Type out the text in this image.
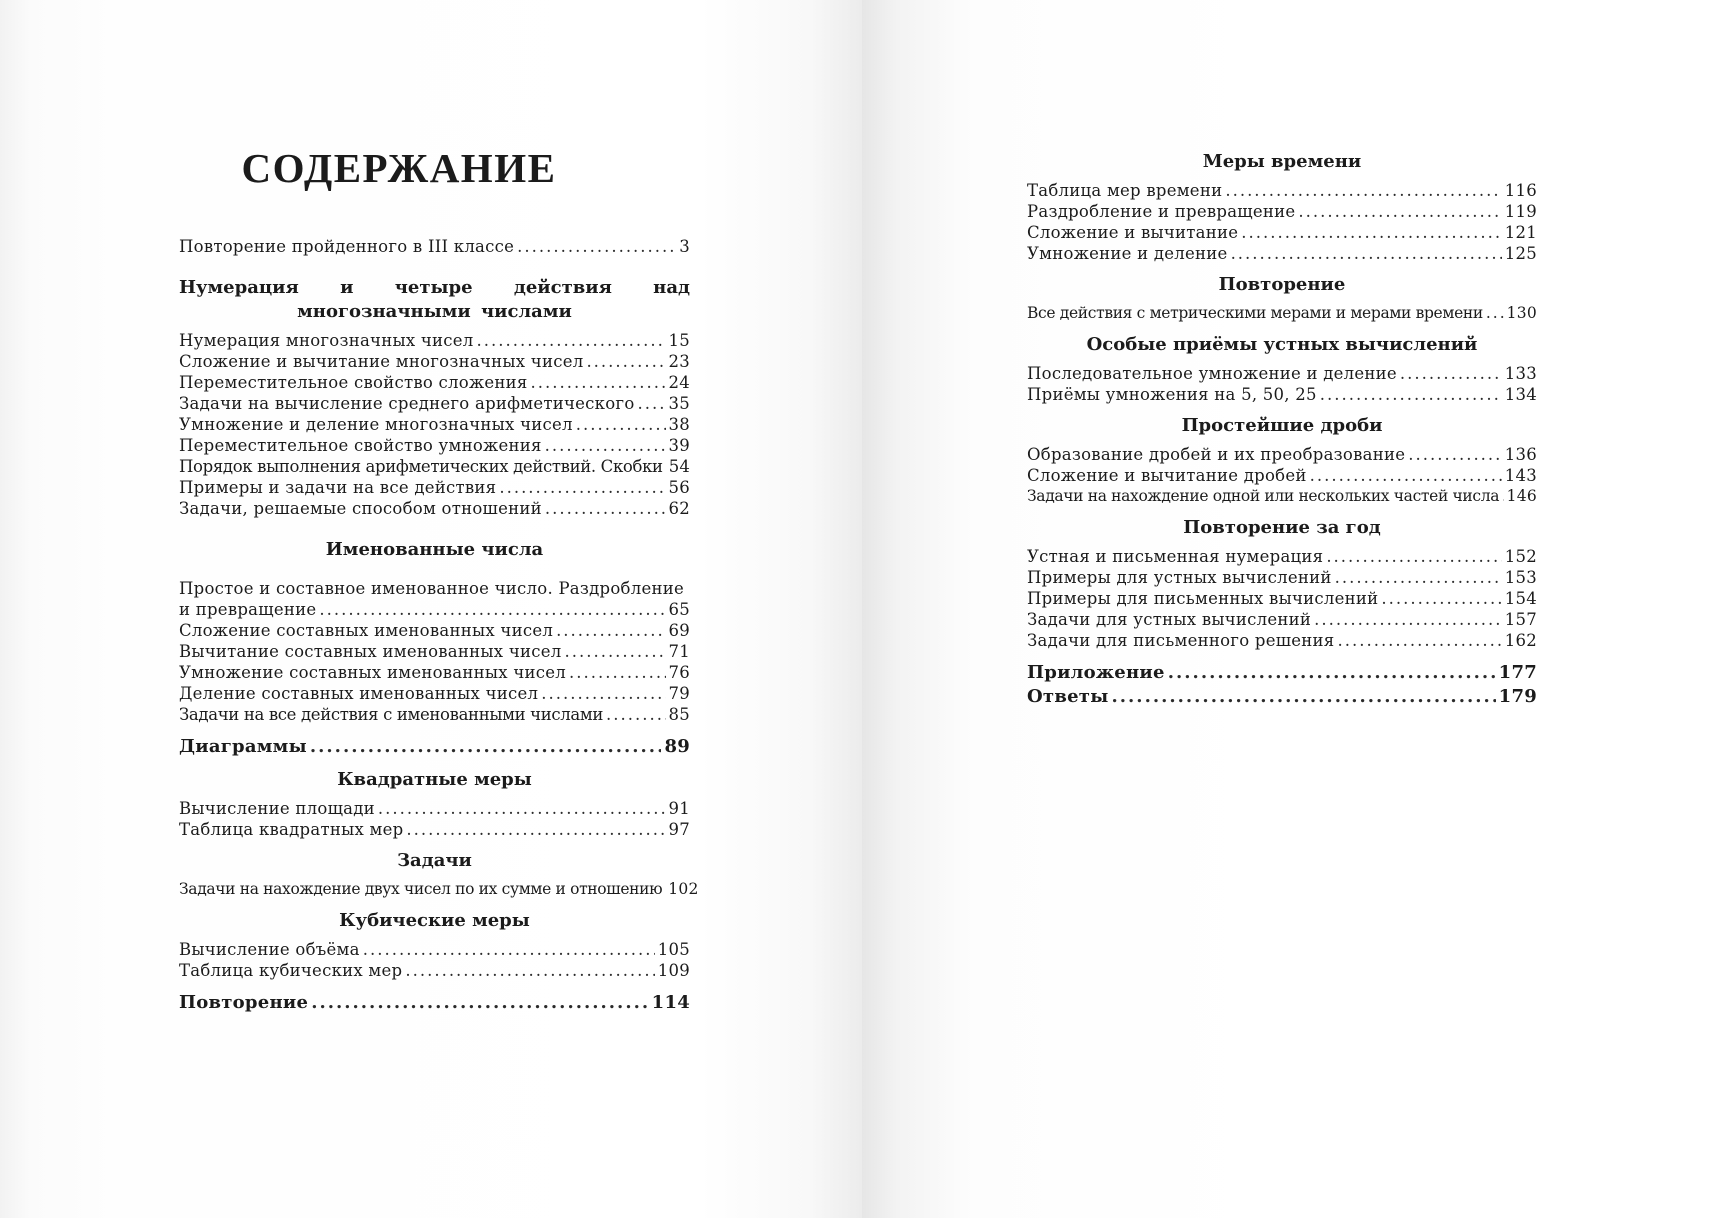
СОДЕРЖАНИЕ
Повторение пройденного в III классе .....	3
Нумерация и четыре действия над многозначными числами
Нумерация многозначных чисел .....	15
Сложение и вычитание многозначных чисел .....	23
Переместительное свойство сложения .....	24
Задачи на вычисление среднего арифметического ..... 35
Умножение и деление многозначных чисел .....	38
Переместительное свойство умножения .....	39
Порядок выполнения арифметических действий. Скобки 54
Примеры и задачи на все действия .....	56
Задачи, решаемые способом отношений .....	62
Именованные числа
Простое и составное именованное число. Раздробление
и превращение .....	65
Сложение составных именованных чисел .....	69
Вычитание составных именованных чисел .....	71
Умножение составных именованных чисел .....	76
Деление составных именованных чисел .....	79
Задачи на все действия с именованными числами .....	85
Диаграммы .....	89
Квадратные меры
Вычисление площади .....	91
Таблица квадратных мер .....	97
Задачи
Задачи на нахождение двух чисел по их сумме и отношению 102
Кубические меры
Вычисление объёма .....	105
Таблица кубических мер .....	109
Повторение .....	114
Меры времени
Таблица мер времени .....	116
Раздробление и превращение .....	119
Сложение и вычитание .....	121
Умножение и деление .....	125
Повторение
Все действия с метрическими мерами и мерами времени ..... 130
Особые приёмы устных вычислений
Последовательное умножение и деление .....	133
Приёмы умножения на 5, 50, 25 .....	134
Простейшие дроби
Образование дробей и их преобразование .....	136
Сложение и вычитание дробей .....	143
Задачи на нахождение одной или нескольких частей числа ..... 146
Повторение за год
Устная и письменная нумерация .....	152
Примеры для устных вычислений .....	153
Примеры для письменных вычислений .....	154
Задачи для устных вычислений .....	157
Задачи для письменного решения .....	162
Приложение .....	177
Ответы .....	179
